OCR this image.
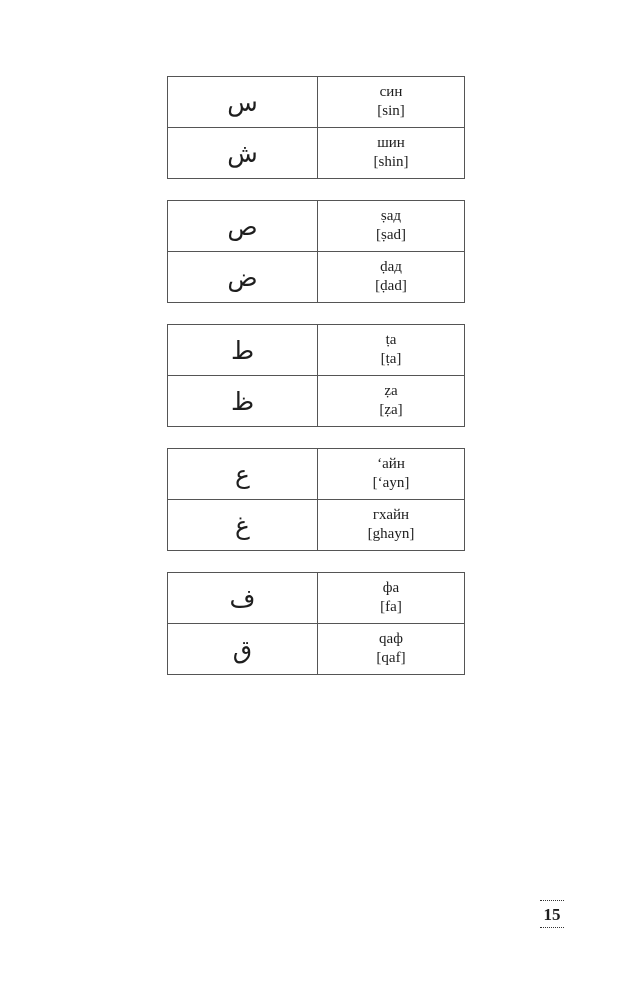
س	син
[sin]

ش	шин
[shin]
ص	ṣад
[ṣad]

ض	ḍад
[ḍad]
ط	ṭа
[ṭa]

ظ	ẓа
[ẓa]
ع	ʻайн
[ʻayn]

غ	гхайн
[ghayn]
ف	фа
[fa]

ق	qаф
[qaf]
15
